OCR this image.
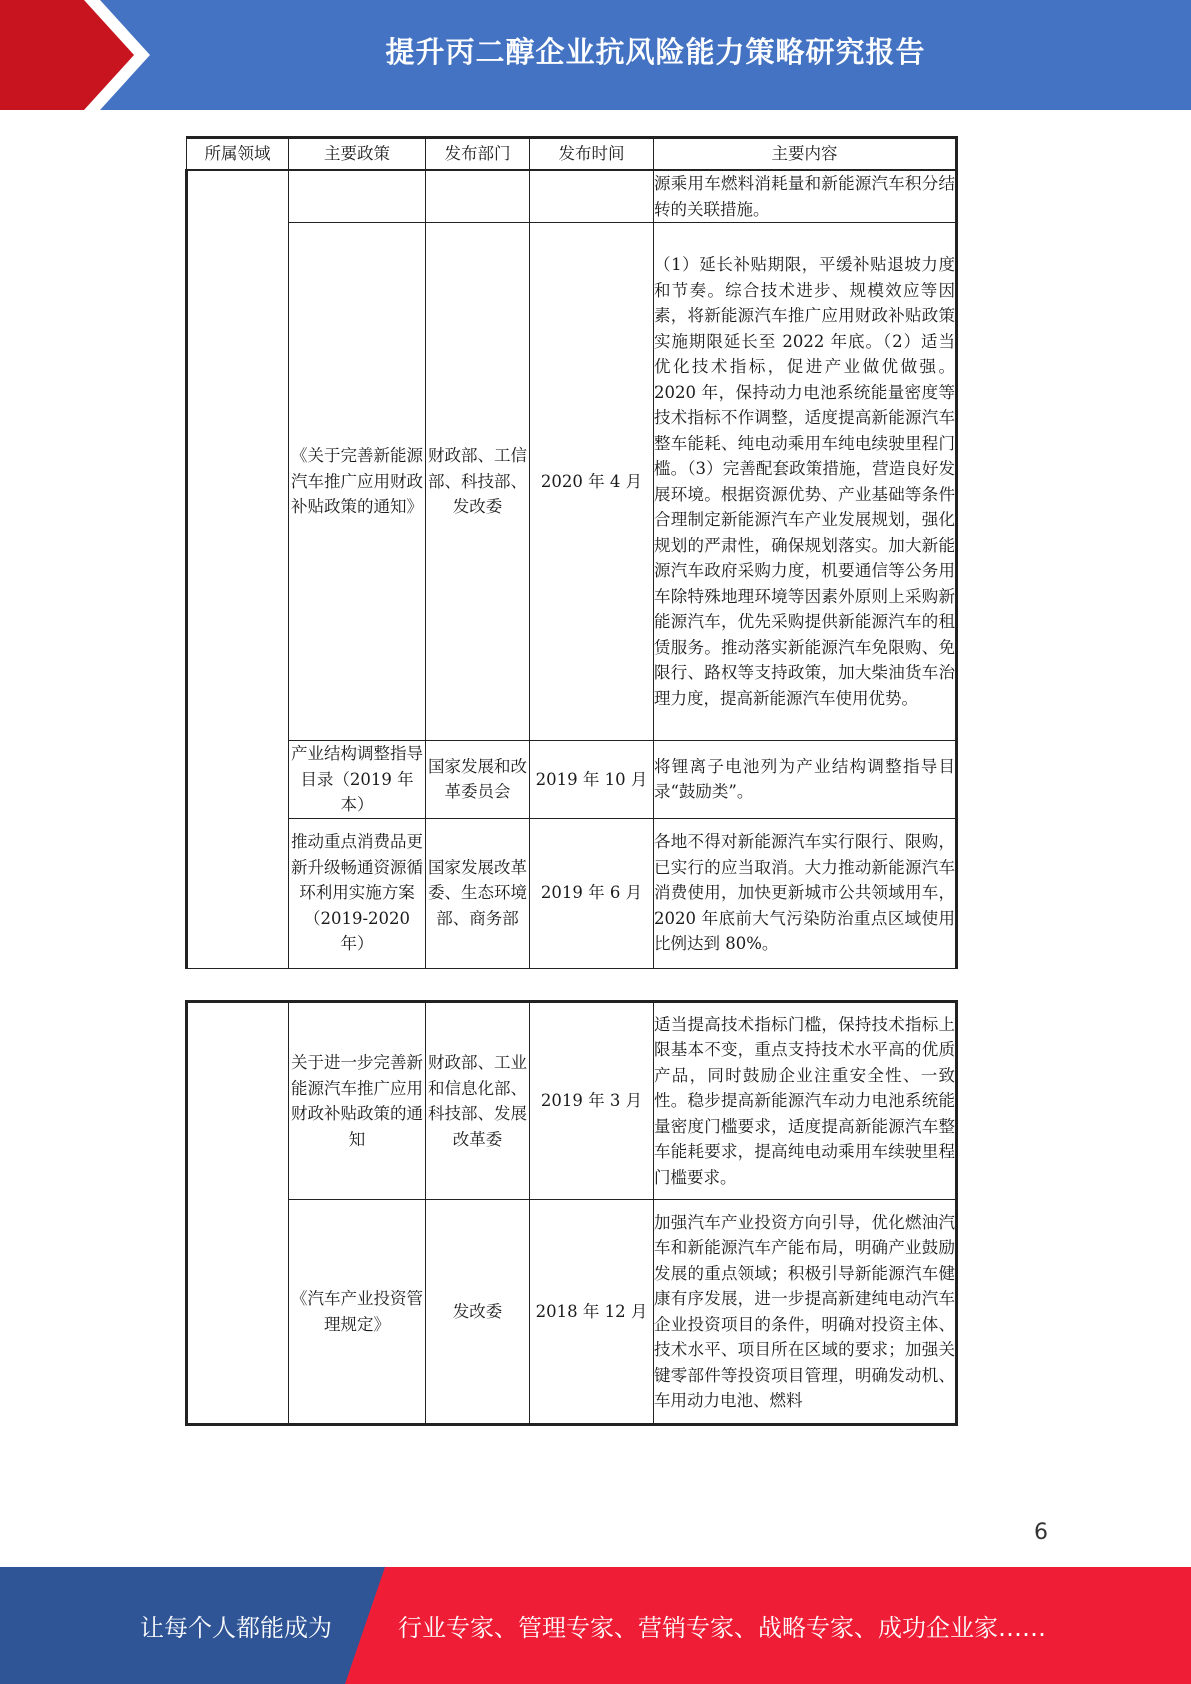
提升丙二醇企业抗风险能力策略研究报告
所属领域	主要政策	发布部门	发布时间	主要内容
				源乘用车燃料消耗量和新能源汽车积分结转的关联措施。
	《关于完善新能源汽车推广应用财政补贴政策的通知》	财政部、工信部、科技部、发改委	2020 年 4 月	（1）延长补贴期限，平缓补贴退坡力度和节奏。综合技术进步、规模效应等因素，将新能源汽车推广应用财政补贴政策实施期限延长至 2022 年底。（2）适当优化技术指标，促进产业做优做强。2020 年，保持动力电池系统能量密度等技术指标不作调整，适度提高新能源汽车整车能耗、纯电动乘用车纯电续驶里程门槛。（3）完善配套政策措施，营造良好发展环境。根据资源优势、产业基础等条件合理制定新能源汽车产业发展规划，强化规划的严肃性，确保规划落实。加大新能源汽车政府采购力度，机要通信等公务用车除特殊地理环境等因素外原则上采购新能源汽车，优先采购提供新能源汽车的租赁服务。推动落实新能源汽车免限购、免限行、路权等支持政策，加大柴油货车治理力度，提高新能源汽车使用优势。
	产业结构调整指导目录（2019 年本）	国家发展和改革委员会	2019 年 10 月	将锂离子电池列为产业结构调整指导目录“鼓励类”。
	推动重点消费品更新升级畅通资源循环利用实施方案（2019-2020 年）	国家发展改革委、生态环境部、商务部	2019 年 6 月	各地不得对新能源汽车实行限行、限购，已实行的应当取消。大力推动新能源汽车消费使用，加快更新城市公共领域用车，2020 年底前大气污染防治重点区域使用比例达到 80%。
	关于进一步完善新能源汽车推广应用财政补贴政策的通知	财政部、工业和信息化部、科技部、发展改革委	2019 年 3 月	适当提高技术指标门槛，保持技术指标上限基本不变，重点支持技术水平高的优质产品，同时鼓励企业注重安全性、一致性。稳步提高新能源汽车动力电池系统能量密度门槛要求，适度提高新能源汽车整车能耗要求，提高纯电动乘用车续驶里程门槛要求。
	《汽车产业投资管理规定》	发改委	2018 年 12 月	加强汽车产业投资方向引导，优化燃油汽车和新能源汽车产能布局，明确产业鼓励发展的重点领域；积极引导新能源汽车健康有序发展，进一步提高新建纯电动汽车企业投资项目的条件，明确对投资主体、技术水平、项目所在区域的要求；加强关键零部件等投资项目管理，明确发动机、车用动力电池、燃料
6
让每个人都能成为	行业专家、管理专家、营销专家、战略专家、成功企业家……
